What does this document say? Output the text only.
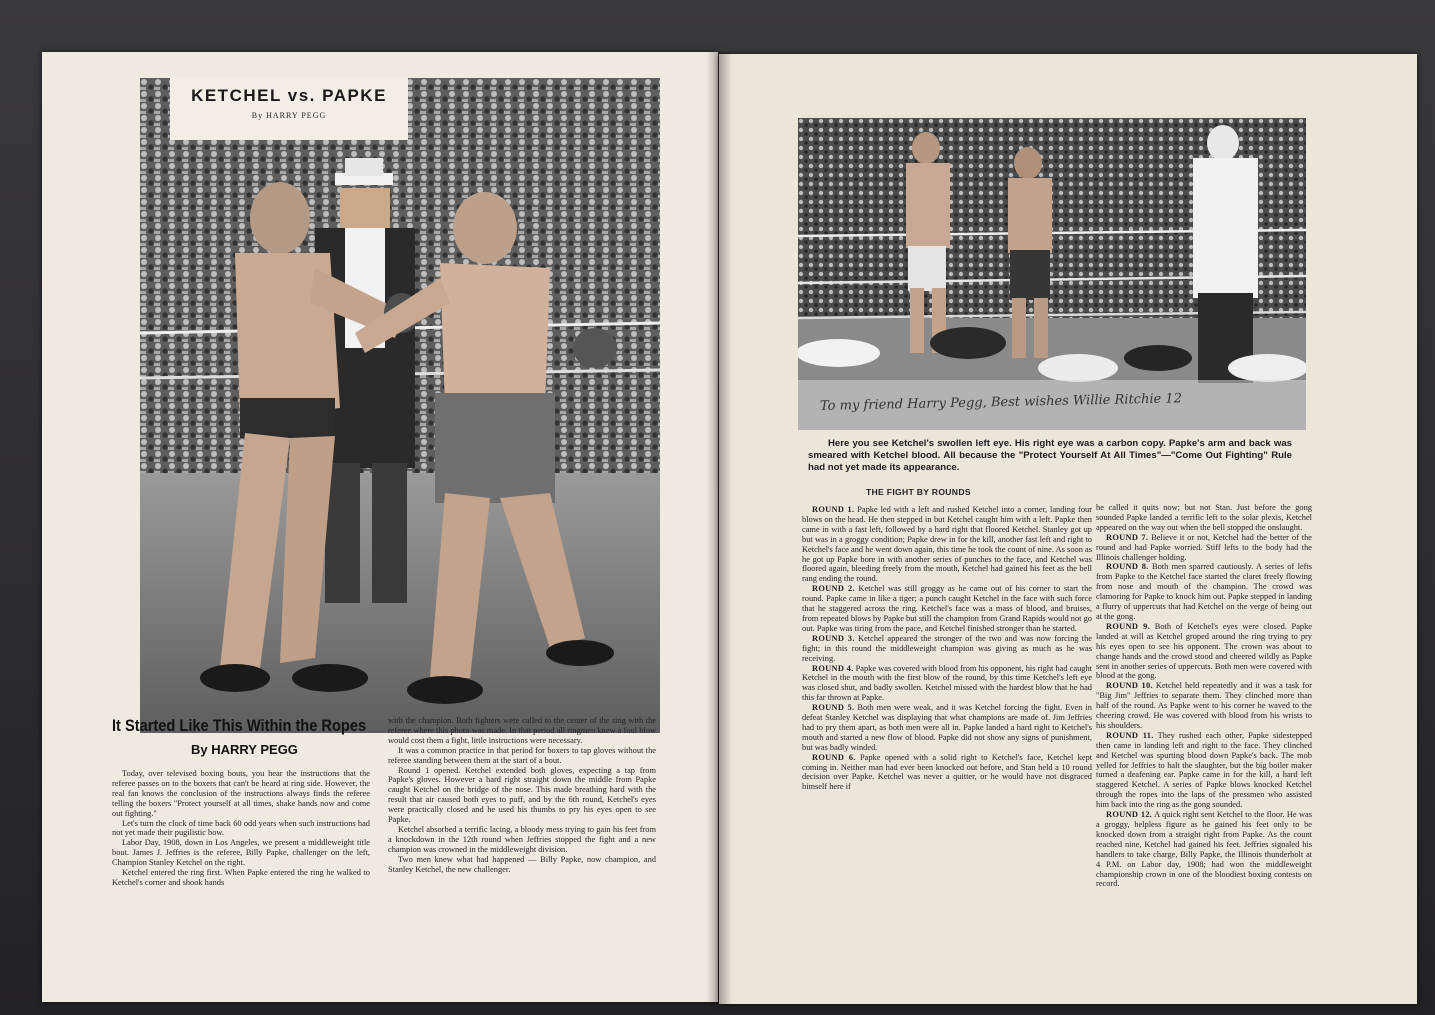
KETCHEL vs. PAPKE
By HARRY PEGG
It Started Like This Within the Ropes
By HARRY PEGG

Today, over televised boxing bouts, you hear the instructions that the referee passes on to the boxers that can't be heard at ring side. However, the real fan knows the conclusion of the instructions always finds the referee telling the boxers "Protect yourself at all times, shake hands now and come out fighting."

Let's turn the clock of time back 60 odd years when such instructions had not yet made their pugilistic bow.

Labor Day, 1908, down in Los Angeles, we present a middleweight title bout. James J. Jeffries is the referee, Billy Papke, challenger on the left, Champion Stanley Ketchel on the right.

Ketchel entered the ring first. When Papke entered the ring he walked to Ketchel's corner and shook hands

with the champion. Both fighters were called to the center of the ring with the referee where this photo was made. In that period all ringmen knew a foul blow would cost them a fight, little instructions were necessary.

It was a common practice in that period for boxers to tap gloves without the referee standing between them at the start of a bout.

Round 1 opened. Ketchel extended both gloves, expecting a tap from Papke's gloves. However a hard right straight down the middle from Papke caught Ketchel on the bridge of the nose. This made breathing hard with the result that air caused both eyes to puff, and by the 6th round, Ketchel's eyes were practically closed and he used his thumbs to pry his eyes open to see Papke.

Ketchel absorbed a terrific lacing, a bloody mess trying to gain his feet from a knockdown in the 12th round when Jeffries stopped the fight and a new champion was crowned in the middleweight division.

Two men knew what had happened — Billy Papke, now champion, and Stanley Ketchel, the new challenger.

To my friend Harry Pegg, Best wishes Willie Ritchie 12
Here you see Ketchel's swollen left eye. His right eye was a carbon copy. Papke's arm and back was smeared with Ketchel blood. All because the "Protect Yourself At All Times"—"Come Out Fighting" Rule had not yet made its appearance.
THE FIGHT BY ROUNDS

ROUND 1. Papke led with a left and rushed Ketchel into a corner, landing four blows on the head. He then stepped in but Ketchel caught him with a left. Papke then came in with a fast left, followed by a hard right that floored Ketchel. Stanley got up but was in a groggy condition; Papke drew in for the kill, another fast left and right to Ketchel's face and he went down again, this time he took the count of nine. As soon as he got up Papke bore in with another series of punches to the face, and Ketchel was floored again, bleeding freely from the mouth, Ketchel had gained his feet as the bell rang ending the round.

ROUND 2. Ketchel was still groggy as he came out of his corner to start the round. Papke came in like a tiger; a punch caught Ketchel in the face with such force that he staggered across the ring. Ketchel's face was a mass of blood, and bruises, from repeated blows by Papke but still the champion from Grand Rapids would not go out. Papke was tiring from the pace, and Ketchel finished stronger than he started.

ROUND 3. Ketchel appeared the stronger of the two and was now forcing the fight; in this round the middleweight champion was giving as much as he was receiving.

ROUND 4. Papke was covered with blood from his opponent, his right had caught Ketchel in the mouth with the first blow of the round, by this time Ketchel's left eye was closed shut, and badly swollen. Ketchel missed with the hardest blow that he had this far thrown at Papke.

ROUND 5. Both men were weak, and it was Ketchel forcing the fight. Even in defeat Stanley Ketchel was displaying that what champions are made of. Jim Jeffries had to pry them apart, as both men were all in. Papke landed a hard right to Ketchel's mouth and started a new flow of blood. Papke did not show any signs of punishment, but was badly winded.

ROUND 6. Papke opened with a solid right to Ketchel's face, Ketchel kept coming in. Neither man had ever been knocked out before, and Stan held a 10 round decision over Papke. Ketchel was never a quitter, or he would have not disgraced himself here if

he called it quits now; but not Stan. Just before the gong sounded Papke landed a terrific left to the solar plexis, Ketchel appeared on the way out when the bell stopped the onslaught.

ROUND 7. Believe it or not, Ketchel had the better of the round and had Papke worried. Stiff lefts to the body had the Illinois challenger holding.

ROUND 8. Both men sparred cautiously. A series of lefts from Papke to the Ketchel face started the claret freely flowing from nose and mouth of the champion. The crowd was clamoring for Papke to knock him out. Papke stepped in landing a flurry of uppercuts that had Ketchel on the verge of being out at the gong.

ROUND 9. Both of Ketchel's eyes were closed. Papke landed at will as Ketchel groped around the ring trying to pry his eyes open to see his opponent. The crown was about to change hands and the crowd stood and cheered wildly as Papke sent in another series of uppercuts. Both men were covered with blood at the gong.

ROUND 10. Ketchel held repeatedly and it was a task for "Big Jim" Jeffries to separate them. They clinched more than half of the round. As Papke went to his corner he waved to the cheering crowd. He was covered with blood from his wrists to his shoulders.

ROUND 11. They rushed each other, Papke sidestepped then came in landing left and right to the face. They clinched and Ketchel was spurting blood down Papke's back. The mob yelled for Jeffries to halt the slaughter, but the big boiler maker turned a deafening ear. Papke came in for the kill, a hard left staggered Ketchel. A series of Papke blows knocked Ketchel through the ropes into the laps of the pressmen who assisted him back into the ring as the gong sounded.

ROUND 12. A quick right sent Ketchel to the floor. He was a groggy, helpless figure as he gained his feet only to be knocked down from a straight right from Papke. As the count reached nine, Ketchel had gained his feet. Jeffries signaled his handlers to take charge, Billy Papke, the Illinois thunderbolt at 4 P.M. on Labor day, 1908; had won the middleweight championship crown in one of the bloodiest boxing contests on record.
